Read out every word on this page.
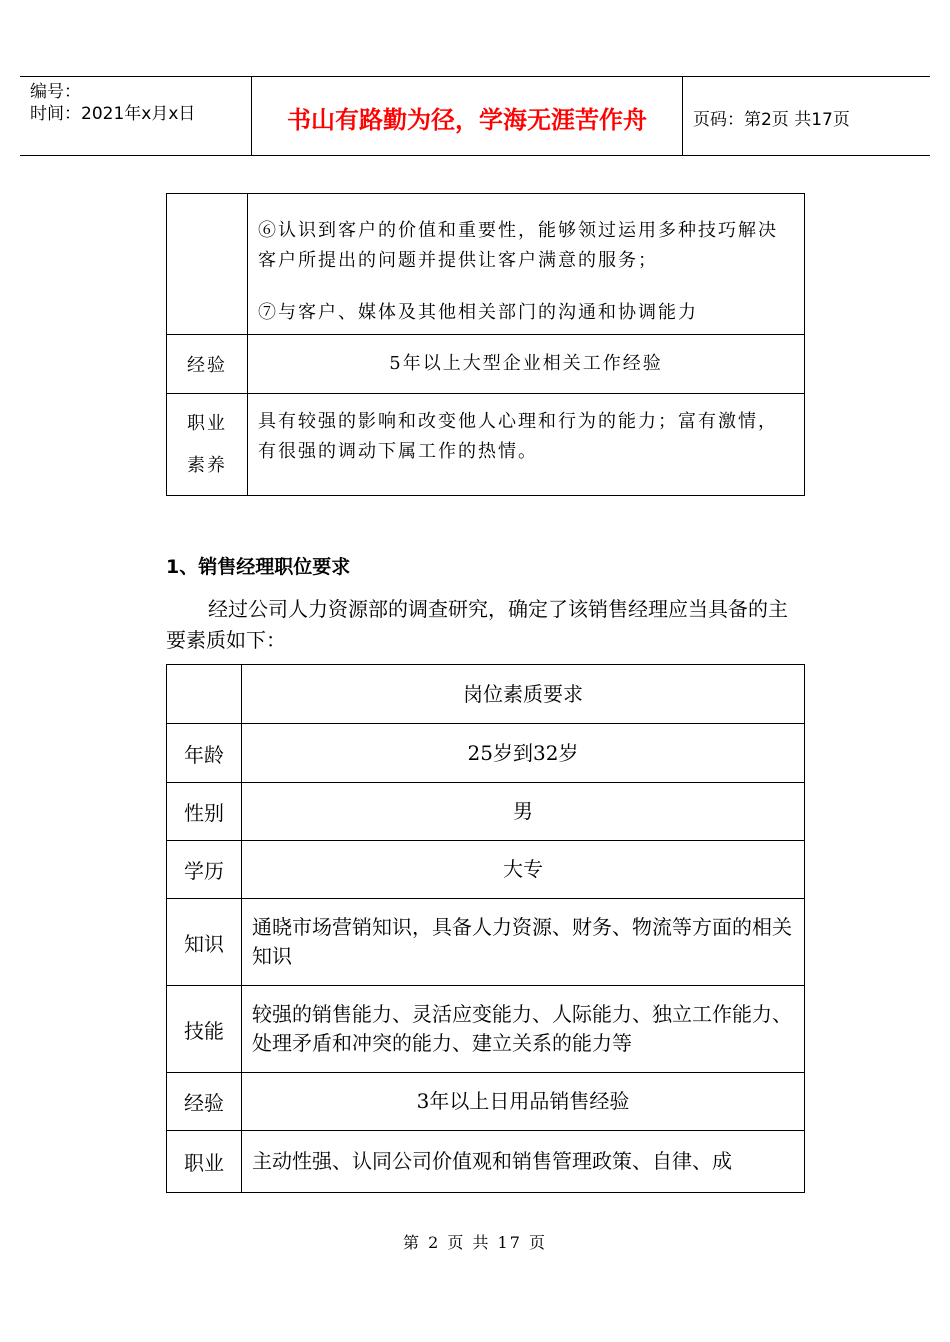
编号：
时间：2021年x月x日	书山有路勤为径，学海无涯苦作舟	页码：第2页 共17页

	⑥认识到客户的价值和重要性，能够领过运用多种技巧解决客户所提出的问题并提供让客户满意的服务；
⑦与客户、媒体及其他相关部门的沟通和协调能力

经验	5年以上大型企业相关工作经验

职业
素养	具有较强的影响和改变他人心理和行为的能力；富有激情，有很强的调动下属工作的热情。
1、销售经理职位要求
经过公司人力资源部的调查研究，确定了该销售经理应当具备的主要素质如下：
	岗位素质要求
年龄	25岁到32岁
性别	男
学历	大专
知识	通晓市场营销知识，具备人力资源、财务、物流等方面的相关知识
技能	较强的销售能力、灵活应变能力、人际能力、独立工作能力、处理矛盾和冲突的能力、建立关系的能力等
经验	3年以上日用品销售经验
职业	主动性强、认同公司价值观和销售管理政策、自律、成
第 2 页 共 17 页
